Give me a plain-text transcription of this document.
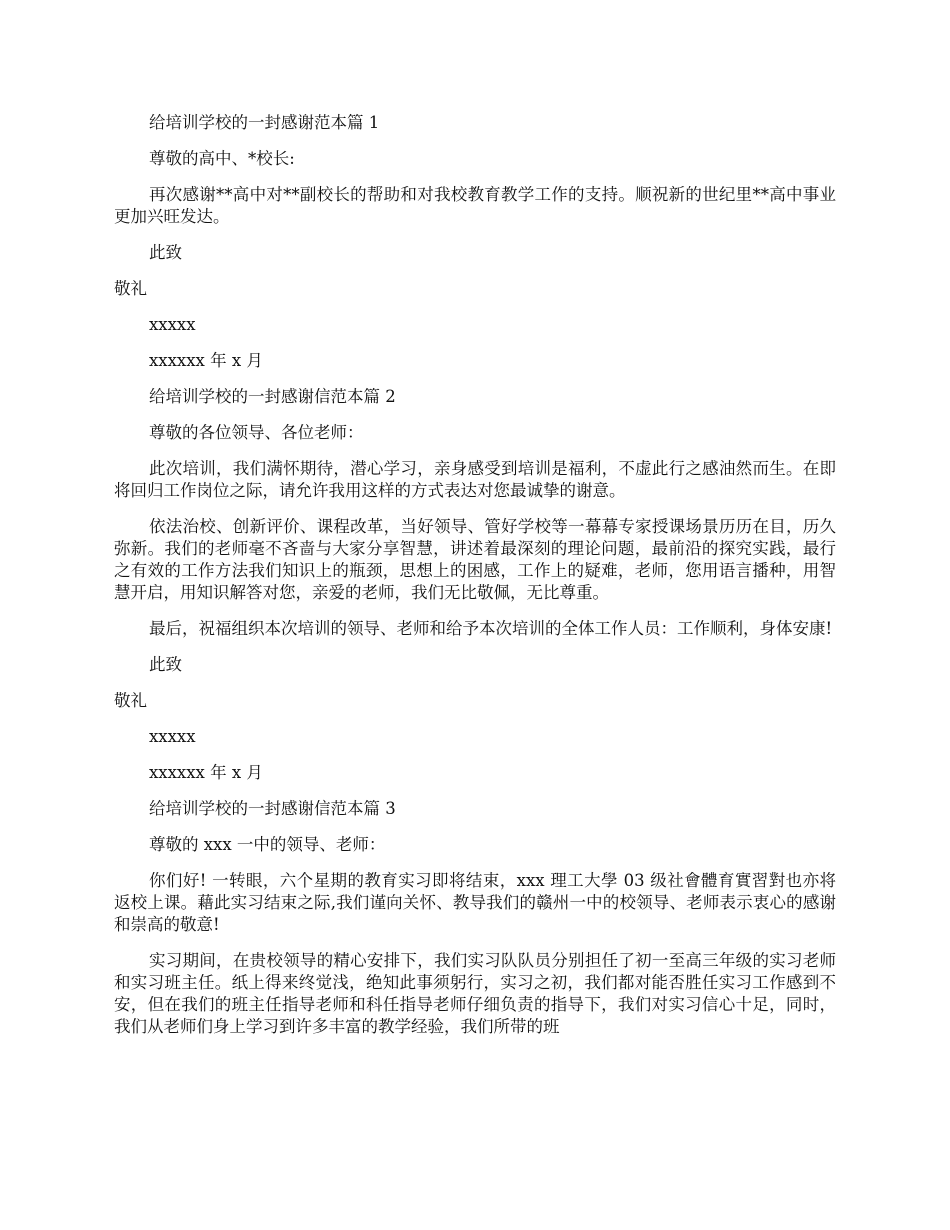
给培训学校的一封感谢范本篇 1

尊敬的高中、*校长:

再次感谢**高中对**副校长的帮助和对我校教育教学工作的支持。顺祝新的世纪里**高中事业更加兴旺发达。

此致

敬礼

xxxxx

xxxxxx 年 x 月

给培训学校的一封感谢信范本篇 2

尊敬的各位领导、各位老师：

此次培训，我们满怀期待，潜心学习，亲身感受到培训是福利，不虚此行之感油然而生。在即将回归工作岗位之际，请允许我用这样的方式表达对您最诚挚的谢意。

依法治校、创新评价、课程改革，当好领导、管好学校等一幕幕专家授课场景历历在目，历久弥新。我们的老师毫不吝啬与大家分享智慧，讲述着最深刻的理论问题，最前沿的探究实践，最行之有效的工作方法我们知识上的瓶颈，思想上的困感，工作上的疑难，老师，您用语言播种，用智慧开启，用知识解答对您，亲爱的老师，我们无比敬佩，无比尊重。

最后，祝福组织本次培训的领导、老师和给予本次培训的全体工作人员：工作顺利，身体安康!

此致

敬礼

xxxxx

xxxxxx 年 x 月

给培训学校的一封感谢信范本篇 3

尊敬的 xxx 一中的领导、老师：

你们好! 一转眼，六个星期的教育实习即将结束，xxx 理工大學 03 级社會體育實習對也亦将返校上课。藉此实习结束之际,我们谨向关怀、教导我们的赣州一中的校领导、老师表示衷心的感谢和崇高的敬意!

实习期间，在贵校领导的精心安排下，我们实习队队员分别担任了初一至高三年级的实习老师和实习班主任。纸上得来终觉浅，绝知此事须躬行，实习之初，我们都对能否胜任实习工作感到不安，但在我们的班主任指导老师和科任指导老师仔细负责的指导下，我们对实习信心十足，同时，我们从老师们身上学习到许多丰富的教学经验，我们所带的班
